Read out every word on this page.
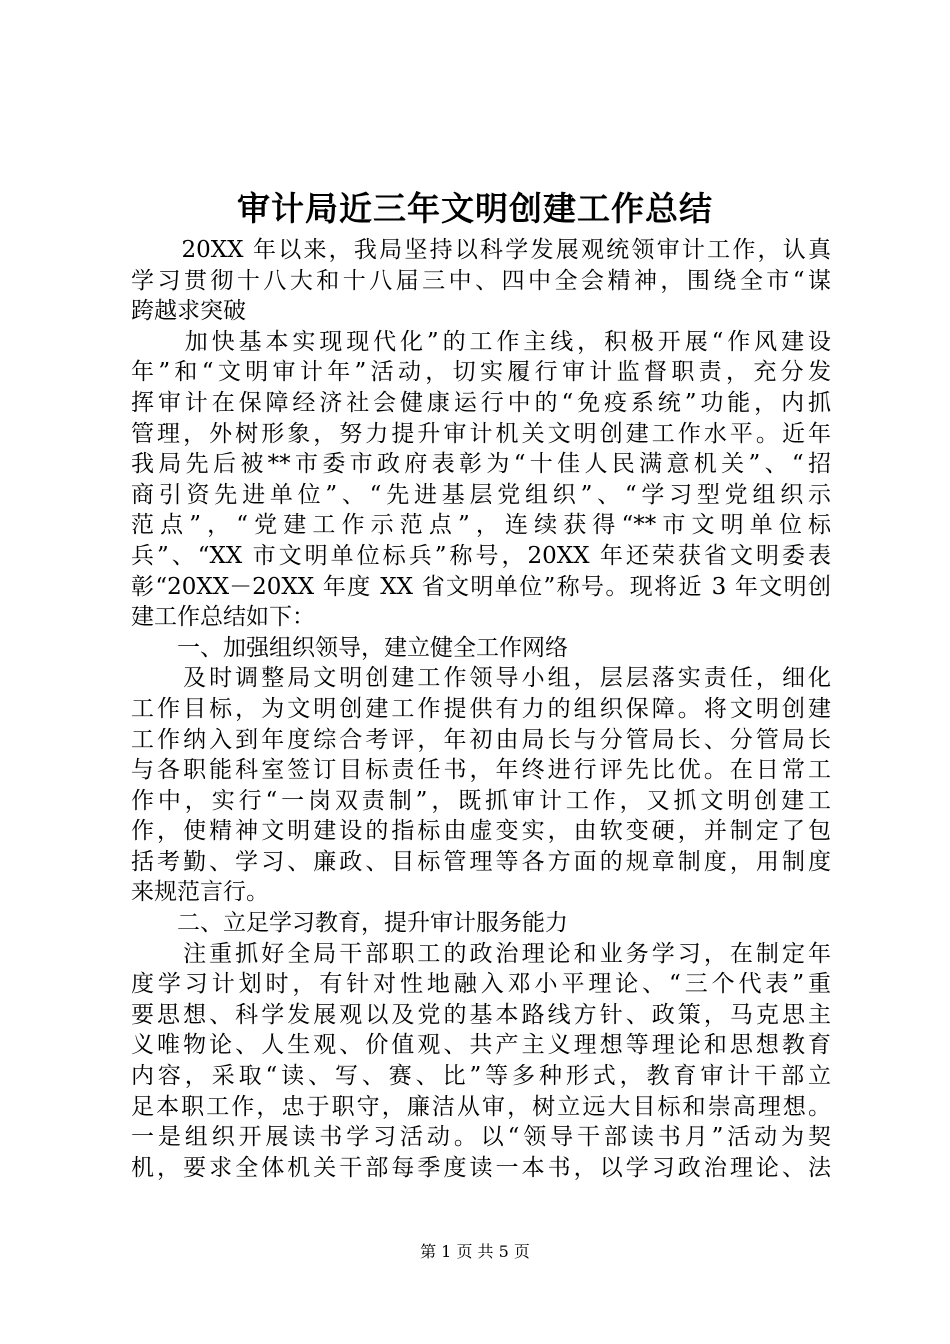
审计局近三年文明创建工作总结
　　20XX 年以来，我局坚持以科学发展观统领审计工作，认真
学习贯彻十八大和十八届三中、四中全会精神，围绕全市“谋
跨越求突破
　　加快基本实现现代化”的工作主线，积极开展“作风建设
年”和“文明审计年”活动，切实履行审计监督职责，充分发
挥审计在保障经济社会健康运行中的“免疫系统”功能，内抓
管理，外树形象，努力提升审计机关文明创建工作水平。近年
我局先后被**市委市政府表彰为“十佳人民满意机关”、“招
商引资先进单位”、“先进基层党组织”、“学习型党组织示
范点”，“党建工作示范点”，连续获得“**市文明单位标
兵”、“XX 市文明单位标兵”称号，20XX 年还荣获省文明委表
彰“20XX－20XX 年度 XX 省文明单位”称号。现将近 3 年文明创
建工作总结如下：
　　一、加强组织领导，建立健全工作网络
　　及时调整局文明创建工作领导小组，层层落实责任，细化
工作目标，为文明创建工作提供有力的组织保障。将文明创建
工作纳入到年度综合考评，年初由局长与分管局长、分管局长
与各职能科室签订目标责任书，年终进行评先比优。在日常工
作中，实行“一岗双责制”，既抓审计工作，又抓文明创建工
作，使精神文明建设的指标由虚变实，由软变硬，并制定了包
括考勤、学习、廉政、目标管理等各方面的规章制度，用制度
来规范言行。
　　二、立足学习教育，提升审计服务能力
　　注重抓好全局干部职工的政治理论和业务学习，在制定年
度学习计划时，有针对性地融入邓小平理论、“三个代表”重
要思想、科学发展观以及党的基本路线方针、政策，马克思主
义唯物论、人生观、价值观、共产主义理想等理论和思想教育
内容，采取“读、写、赛、比”等多种形式，教育审计干部立
足本职工作，忠于职守，廉洁从审，树立远大目标和崇高理想。
一是组织开展读书学习活动。以“领导干部读书月”活动为契
机，要求全体机关干部每季度读一本书，以学习政治理论、法
第 1 页 共 5 页
